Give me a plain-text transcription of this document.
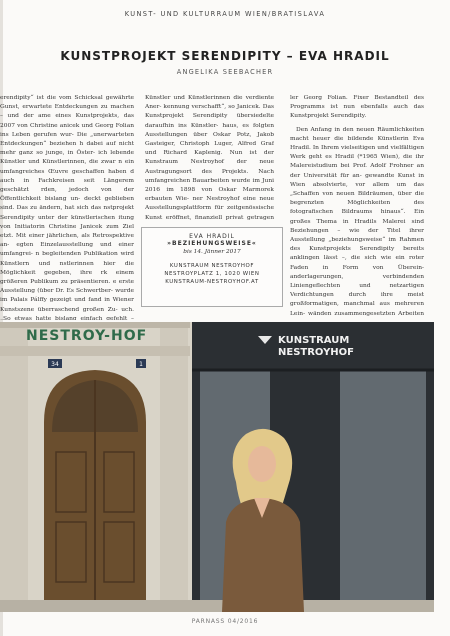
KUNST- UND KULTURRAUM WIEN/BRATISLAVA
KUNSTPROJEKT SERENDIPITY – EVA HRADIL
ANGELIKA SEEBACHER

erendipity“ ist die vom Schicksal gewährte Gunst, erwartete Entdeckungen zu machen – und der ame eines Kunstprojekts, das 2007 von Christine anicek und Georg Folian ins Leben gerufen wur- Die „unerwarteten Entdeckungen“ beziehen h dabei auf nicht mehr ganz so junge, in Öster- ich lebende Künstler und Künstlerinnen, die zwar n ein umfangreiches Œuvre geschaffen haben d auch in Fachkreisen seit Längerem geschätzt rden, jedoch von der Öffentlichkeit bislang un- deckt geblieben sind. Das zu ändern, hat sich das nstprojekt Serendipity unter der künstlerischen itung von Initiatorin Christine Janicek zum Ziel etzt. Mit einer jährlichen, als Retrospektive an- egten Einzelausstellung und einer umfangrei- n begleitenden Publikation wird Künstlern und nstlerinnen hier die Möglichkeit gegeben, ihre rk einem größeren Publikum zu präsentieren. e erste Ausstellung (über Dr. Es Schwertber- wurde im Palais Pálffy gezeigt und fand in Wiener Kunstszene überraschend großen Zu- uch. „So etwas hatte bislang einfach gefehlt –

Künstler und Künstlerinnen die verdiente Aner- kennung verschafft“, so Janicek. Das Kunstprojekt Serendipity übersiedelte daraufhin ins Künstler- haus, es folgten Ausstellungen über Oskar Potz, Jakob Gasteiger, Christoph Luger, Alfred Graf und Richard Kaplenig. Nun ist der Kunstraum Nestroyhof der neue Austragungsort des Projekts. Nach umfangreichen Bauarbeiten wurde im Juni 2016 im 1898 von Oskar Marmorek erbauten Wie- ner Nestroyhof eine neue Ausstellungsplattform für zeitgenössische Kunst eröffnet, finanziell privat getragen

ler Georg Folian. Fixer Bestandteil des Programms ist nun ebenfalls auch das Kunstprojekt Serendipity.

Den Anfang in den neuen Räumlichkeiten macht heuer die bildende Künstlerin Eva Hradil. In Ihrem vielseitigen und vielfältigen Werk geht es Hradil (*1965 Wien), die ihr Malereistudium bei Prof. Adolf Frohner an der Universität für an- gewandte Kunst in Wien absolvierte, vor allem um das „Schaffen von neuen Bildräumen, über die begrenzten Möglichkeiten des fotografischen Bildraums hinaus“. Ein großes Thema in Hradils Malerei sind Beziehungen – wie der Titel ihrer Ausstellung „beziehungsweise“ im Rahmen des Kunstprojekts Serendipity bereits anklingen lässt –, die sich wie ein roter Faden in Form von Überein- anderlagerungen, verbindenden Liniengeflechten und netzartigen Verdichtungen durch ihre meist großformatigen, manchmal aus mehreren Lein- wänden zusammengesetzten Arbeiten

EVA HRADIL
»BEZIEHUNGSWEISE«
bis 14. Jänner 2017
KUNSTRAUM NESTROYHOF
NESTROYPLATZ 1, 1020 WIEN
KUNSTRAUM-NESTROYHOF.AT
NESTROY-HOF
34	1
KUNSTRAUM
NESTROYHOF
PARNASS 04/2016
